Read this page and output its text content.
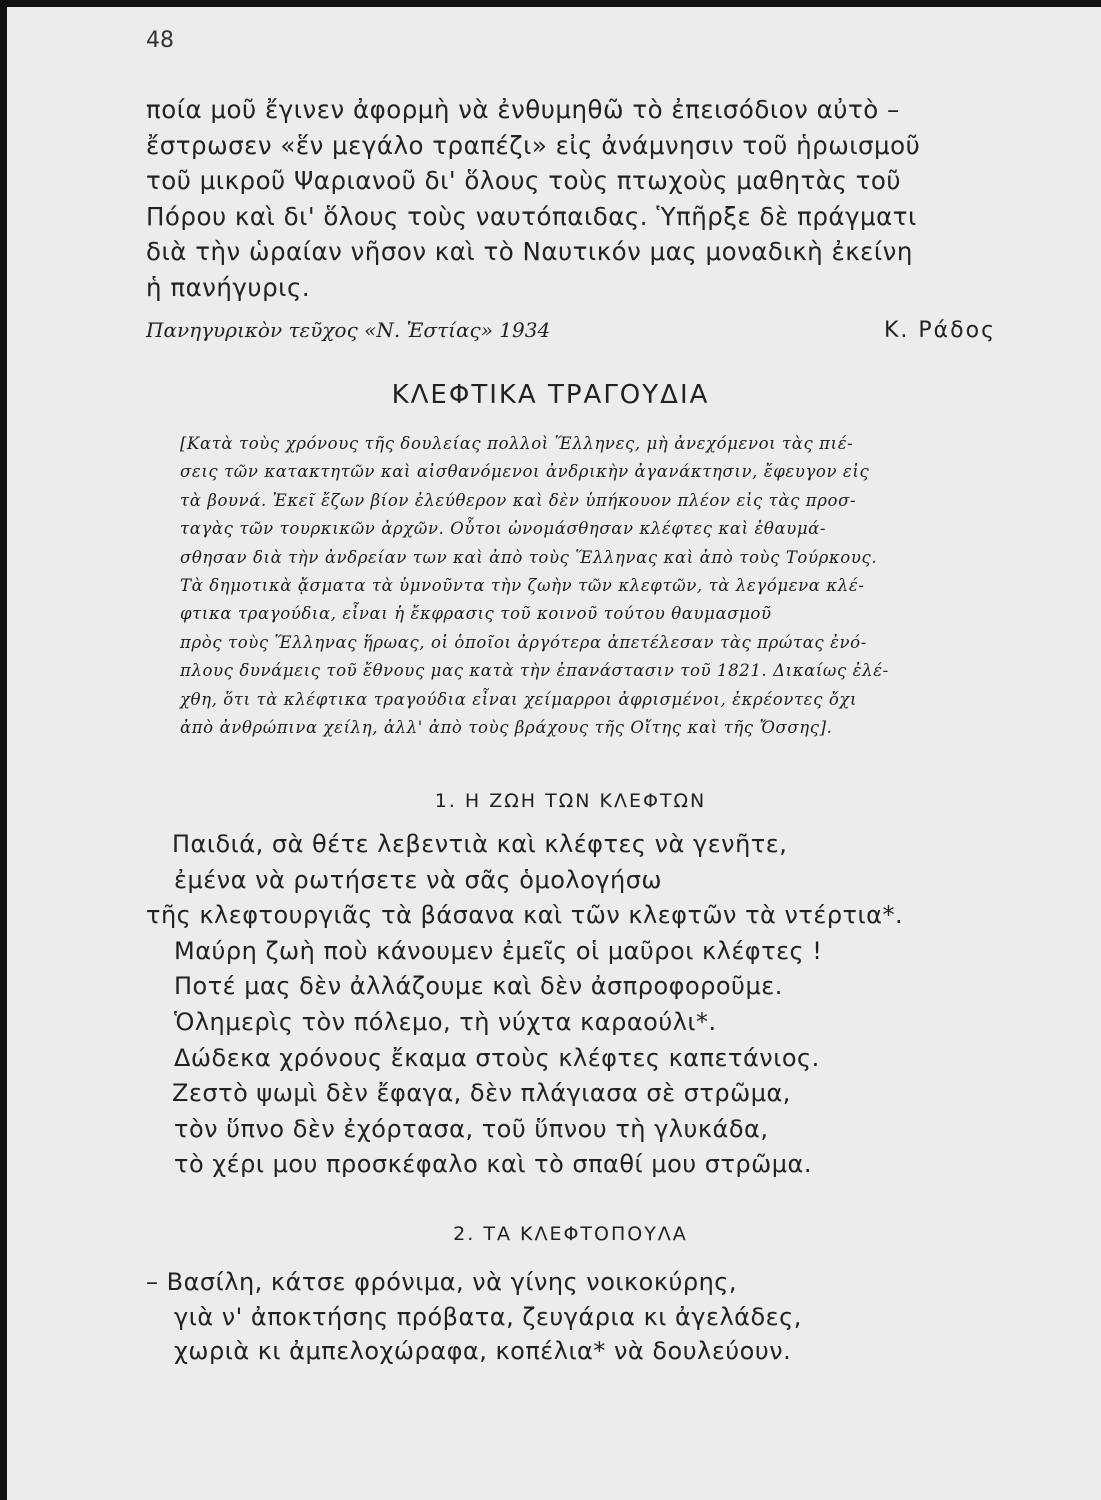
48
ποία μοῦ ἔγινεν ἀφορμὴ νὰ ἐνθυμηθῶ τὸ ἐπεισόδιον αὐτὸ –
ἔστρωσεν «ἕν μεγάλο τραπέζι» εἰς ἀνάμνησιν τοῦ ἡρωισμοῦ
τοῦ μικροῦ Ψαριανοῦ δι' ὅλους τοὺς πτωχοὺς μαθητὰς τοῦ
Πόρου καὶ δι' ὅλους τοὺς ναυτόπαιδας. Ὑπῆρξε δὲ πράγματι
διὰ τὴν ὡραίαν νῆσον καὶ τὸ Ναυτικόν μας μοναδικὴ ἐκείνη
ἡ πανήγυρις.
Πανηγυρικὸν τεῦχος «Ν. Ἑστίας» 1934	Κ. Ράδος
ΚΛΕΦΤΙΚΑ ΤΡΑΓΟΥΔΙΑ
[Κατὰ τοὺς χρόνους τῆς δουλείας πολλοὶ Ἕλληνες, μὴ ἀνεχόμενοι τὰς πιέ-
σεις τῶν κατακτητῶν καὶ αἰσθανόμενοι ἀνδρικὴν ἀγανάκτησιν, ἔφευγον εἰς
τὰ βουνά. Ἐκεῖ ἔζων βίον ἐλεύθερον καὶ δὲν ὑπήκουον πλέον εἰς τὰς προσ-
ταγὰς τῶν τουρκικῶν ἀρχῶν. Οὗτοι ὠνομάσθησαν κλέφτες καὶ ἐθαυμά-
σθησαν διὰ τὴν ἀνδρείαν των καὶ ἀπὸ τοὺς Ἕλληνας καὶ ἀπὸ τοὺς Τούρκους.
Τὰ δημοτικὰ ᾄσματα τὰ ὑμνοῦντα τὴν ζωὴν τῶν κλεφτῶν, τὰ λεγόμενα κλέ-
φτικα τραγούδια, εἶναι ἡ ἔκφρασις τοῦ κοινοῦ τούτου θαυμασμοῦ
πρὸς τοὺς Ἕλληνας ἥρωας, οἱ ὁποῖοι ἀργότερα ἀπετέλεσαν τὰς πρώτας ἐνό-
πλους δυνάμεις τοῦ ἔθνους μας κατὰ τὴν ἐπανάστασιν τοῦ 1821. Δικαίως ἐλέ-
χθη, ὅτι τὰ κλέφτικα τραγούδια εἶναι χείμαρροι ἀφρισμένοι, ἐκρέοντες ὄχι
ἀπὸ ἀνθρώπινα χείλη, ἀλλ' ἀπὸ τοὺς βράχους τῆς Οἴτης καὶ τῆς Ὄσσης].
1. Η ΖΩΗ ΤΩΝ ΚΛΕΦΤΩΝ
Παιδιά, σὰ θέτε λεβεντιὰ καὶ κλέφτες νὰ γενῆτε,
ἐμένα νὰ ρωτήσετε νὰ σᾶς ὁμολογήσω
τῆς κλεφτουργιᾶς τὰ βάσανα καὶ τῶν κλεφτῶν τὰ ντέρτια*.
Μαύρη ζωὴ ποὺ κάνουμεν ἐμεῖς οἱ μαῦροι κλέφτες !
Ποτέ μας δὲν ἀλλάζουμε καὶ δὲν ἀσπροφοροῦμε.
Ὁλημερὶς τὸν πόλεμο, τὴ νύχτα καραούλι*.
Δώδεκα χρόνους ἔκαμα στοὺς κλέφτες καπετάνιος.
Ζεστὸ ψωμὶ δὲν ἔφαγα, δὲν πλάγιασα σὲ στρῶμα,
τὸν ὕπνο δὲν ἐχόρτασα, τοῦ ὕπνου τὴ γλυκάδα,
τὸ χέρι μου προσκέφαλο καὶ τὸ σπαθί μου στρῶμα.
2. ΤΑ ΚΛΕΦΤΟΠΟΥΛΑ
– Βασίλη, κάτσε φρόνιμα, νὰ γίνης νοικοκύρης,
γιὰ ν' ἀποκτήσης πρόβατα, ζευγάρια κι ἀγελάδες,
χωριὰ κι ἀμπελοχώραφα, κοπέλια* νὰ δουλεύουν.
